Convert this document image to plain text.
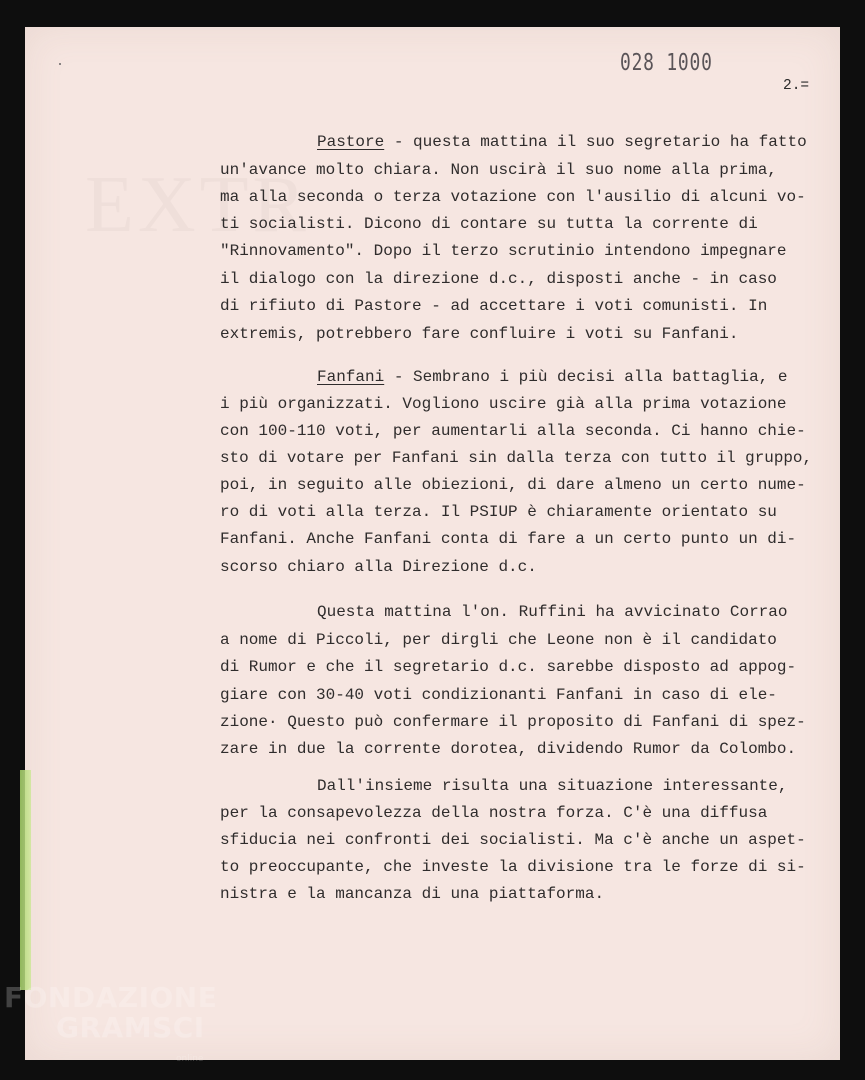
EXTR
028 1000
2.=
Pastore - questa mattina il suo segretario ha fatto
un'avance molto chiara. Non uscirà il suo nome alla prima,
ma alla seconda o terza votazione con l'ausilio di alcuni vo-
ti socialisti. Dicono di contare su tutta la corrente di
"Rinnovamento". Dopo il terzo scrutinio intendono impegnare
il dialogo con la direzione d.c., disposti anche - in caso
di rifiuto di Pastore - ad accettare i voti comunisti. In
extremis, potrebbero fare confluire i voti su Fanfani.
Fanfani - Sembrano i più decisi alla battaglia, e
i più organizzati. Vogliono uscire già alla prima votazione
con 100-110 voti, per aumentarli alla seconda. Ci hanno chie-
sto di votare per Fanfani sin dalla terza con tutto il gruppo,
poi, in seguito alle obiezioni, di dare almeno un certo nume-
ro di voti alla terza. Il PSIUP è chiaramente orientato su
Fanfani. Anche Fanfani conta di fare a un certo punto un di-
scorso chiaro alla Direzione d.c.
Questa mattina l'on. Ruffini ha avvicinato Corrao
a nome di Piccoli, per dirgli che Leone non è il candidato
di Rumor e che il segretario d.c. sarebbe disposto ad appog-
giare con 30-40 voti condizionanti Fanfani in caso di ele-
zione· Questo può confermare il proposito di Fanfani di spez-
zare in due la corrente dorotea, dividendo Rumor da Colombo.
Dall'insieme risulta una situazione interessante,
per la consapevolezza della nostra forza. C'è una diffusa
sfiducia nei confronti dei socialisti. Ma c'è anche un aspet-
to preoccupante, che investe la divisione tra le forze di si-
nistra e la mancanza di una piattaforma.
FONDAZIONE
GRAMSCI
online
